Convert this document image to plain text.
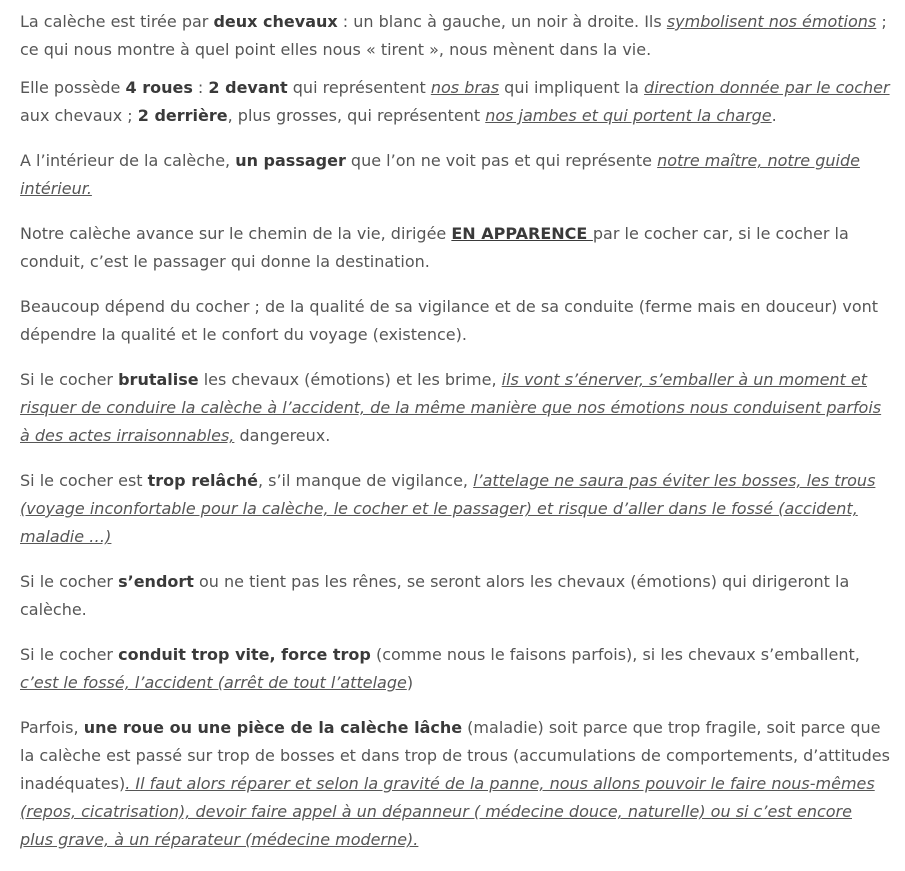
La calèche est tirée par deux chevaux : un blanc à gauche, un noir à droite. Ils symbolisent nos émotions ; ce qui nous montre à quel point elles nous « tirent », nous mènent dans la vie.

Elle possède 4 roues : 2 devant qui représentent nos bras qui impliquent la direction donnée par le cocher aux chevaux ; 2 derrière, plus grosses, qui représentent nos jambes et qui portent la charge.

A l’intérieur de la calèche, un passager que l’on ne voit pas et qui représente notre maître, notre guide intérieur.

Notre calèche avance sur le chemin de la vie, dirigée EN APPARENCE par le cocher car, si le cocher la conduit, c’est le passager qui donne la destination.

Beaucoup dépend du cocher ; de la qualité de sa vigilance et de sa conduite (ferme mais en douceur) vont dépendre la qualité et le confort du voyage (existence).

Si le cocher brutalise les chevaux (émotions) et les brime, ils vont s’énerver, s’emballer à un moment et risquer de conduire la calèche à l’accident, de la même manière que nos émotions nous conduisent parfois à des actes irraisonnables, dangereux.

Si le cocher est trop relâché, s’il manque de vigilance, l’attelage ne saura pas éviter les bosses, les trous (voyage inconfortable pour la calèche, le cocher et le passager) et risque d’aller dans le fossé (accident, maladie …)

Si le cocher s’endort ou ne tient pas les rênes, se seront alors les chevaux (émotions) qui dirigeront la calèche.

Si le cocher conduit trop vite, force trop (comme nous le faisons parfois), si les chevaux s’emballent, c’est le fossé, l’accident (arrêt de tout l’attelage)

Parfois, une roue ou une pièce de la calèche lâche (maladie) soit parce que trop fragile, soit parce que la calèche est passé sur trop de bosses et dans trop de trous (accumulations de comportements, d’attitudes inadéquates). Il faut alors réparer et selon la gravité de la panne, nous allons pouvoir le faire nous-mêmes (repos, cicatrisation), devoir faire appel à un dépanneur ( médecine douce, naturelle) ou si c’est encore plus grave, à un réparateur (médecine moderne).
